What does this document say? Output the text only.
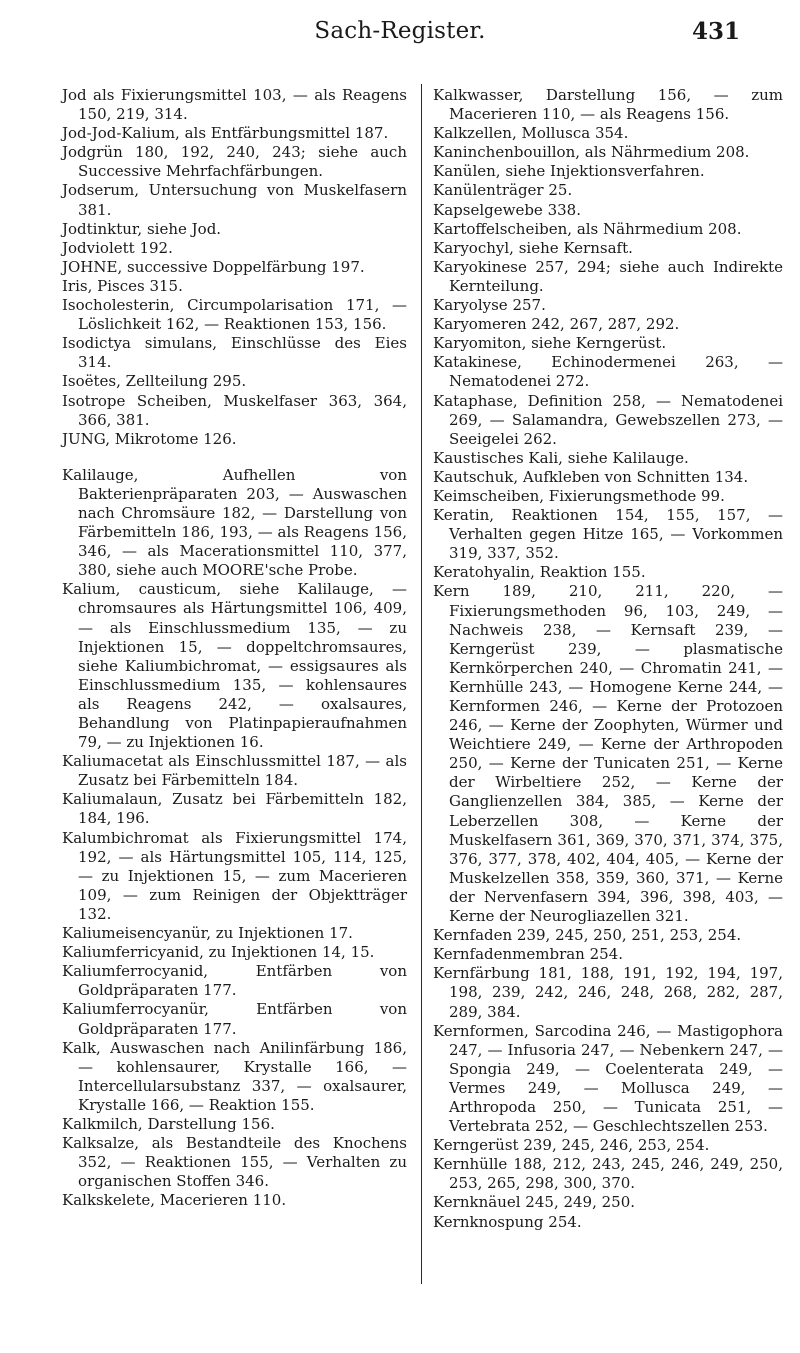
Sach-Register.	431

Jod als Fixierungsmittel 103, — als Reagens 150, 219, 314.

Jod-Jod-Kalium, als Entfärbungsmittel 187.

Jodgrün 180, 192, 240, 243; siehe auch Successive Mehrfachfärbungen.

Jodserum, Untersuchung von Muskelfasern 381.

Jodtinktur, siehe Jod.

Jodviolett 192.

JOHNE, successive Doppelfärbung 197.

Iris, Pisces 315.

Isocholesterin, Circumpolarisation 171, — Löslichkeit 162, — Reaktionen 153, 156.

Isodictya simulans, Einschlüsse des Eies 314.

Isoëtes, Zellteilung 295.

Isotrope Scheiben, Muskelfaser 363, 364, 366, 381.

JUNG, Mikrotome 126.

Kalilauge, Aufhellen von Bakterienpräparaten 203, — Auswaschen nach Chromsäure 182, — Darstellung von Färbemitteln 186, 193, — als Reagens 156, 346, — als Macerationsmittel 110, 377, 380, siehe auch MOORE'sche Probe.

Kalium, causticum, siehe Kalilauge, — chromsaures als Härtungsmittel 106, 409, — als Einschlussmedium 135, — zu Injektionen 15, — doppeltchromsaures, siehe Kaliumbichromat, — essigsaures als Einschlussmedium 135, — kohlensaures als Reagens 242, — oxalsaures, Behandlung von Platinpapieraufnahmen 79, — zu Injektionen 16.

Kaliumacetat als Einschlussmittel 187, — als Zusatz bei Färbemitteln 184.

Kaliumalaun, Zusatz bei Färbemitteln 182, 184, 196.

Kalumbichromat als Fixierungsmittel 174, 192, — als Härtungsmittel 105, 114, 125, — zu Injektionen 15, — zum Macerieren 109, — zum Reinigen der Objektträger 132.

Kaliumeisencyanür, zu Injektionen 17.

Kaliumferricyanid, zu Injektionen 14, 15.

Kaliumferrocyanid, Entfärben von Goldpräparaten 177.

Kaliumferrocyanür, Entfärben von Goldpräparaten 177.

Kalk, Auswaschen nach Anilinfärbung 186, — kohlensaurer, Krystalle 166, — Intercellularsubstanz 337, — oxalsaurer, Krystalle 166, — Reaktion 155.

Kalkmilch, Darstellung 156.

Kalksalze, als Bestandteile des Knochens 352, — Reaktionen 155, — Verhalten zu organischen Stoffen 346.

Kalkskelete, Macerieren 110.

Kalkwasser, Darstellung 156, — zum Macerieren 110, — als Reagens 156.

Kalkzellen, Mollusca 354.

Kaninchenbouillon, als Nährmedium 208.

Kanülen, siehe Injektionsverfahren.

Kanülenträger 25.

Kapselgewebe 338.

Kartoffelscheiben, als Nährmedium 208.

Karyochyl, siehe Kernsaft.

Karyokinese 257, 294; siehe auch Indirekte Kernteilung.

Karyolyse 257.

Karyomeren 242, 267, 287, 292.

Karyomiton, siehe Kerngerüst.

Katakinese, Echinodermenei 263, — Nematodenei 272.

Kataphase, Definition 258, — Nematodenei 269, — Salamandra, Gewebszellen 273, — Seeigelei 262.

Kaustisches Kali, siehe Kalilauge.

Kautschuk, Aufkleben von Schnitten 134.

Keimscheiben, Fixierungsmethode 99.

Keratin, Reaktionen 154, 155, 157, — Verhalten gegen Hitze 165, — Vorkommen 319, 337, 352.

Keratohyalin, Reaktion 155.

Kern 189, 210, 211, 220, — Fixierungsmethoden 96, 103, 249, — Nachweis 238, — Kernsaft 239, — Kerngerüst 239, — plasmatische Kernkörperchen 240, — Chromatin 241, — Kernhülle 243, — Homogene Kerne 244, — Kernformen 246, — Kerne der Protozoen 246, — Kerne der Zoophyten, Würmer und Weichtiere 249, — Kerne der Arthropoden 250, — Kerne der Tunicaten 251, — Kerne der Wirbeltiere 252, — Kerne der Ganglienzellen 384, 385, — Kerne der Leberzellen 308, — Kerne der Muskelfasern 361, 369, 370, 371, 374, 375, 376, 377, 378, 402, 404, 405, — Kerne der Muskelzellen 358, 359, 360, 371, — Kerne der Nervenfasern 394, 396, 398, 403, — Kerne der Neurogliazellen 321.

Kernfaden 239, 245, 250, 251, 253, 254.

Kernfadenmembran 254.

Kernfärbung 181, 188, 191, 192, 194, 197, 198, 239, 242, 246, 248, 268, 282, 287, 289, 384.

Kernformen, Sarcodina 246, — Mastigophora 247, — Infusoria 247, — Nebenkern 247, — Spongia 249, — Coelenterata 249, — Vermes 249, — Mollusca 249, — Arthropoda 250, — Tunicata 251, — Vertebrata 252, — Geschlechtszellen 253.

Kerngerüst 239, 245, 246, 253, 254.

Kernhülle 188, 212, 243, 245, 246, 249, 250, 253, 265, 298, 300, 370.

Kernknäuel 245, 249, 250.

Kernknospung 254.
